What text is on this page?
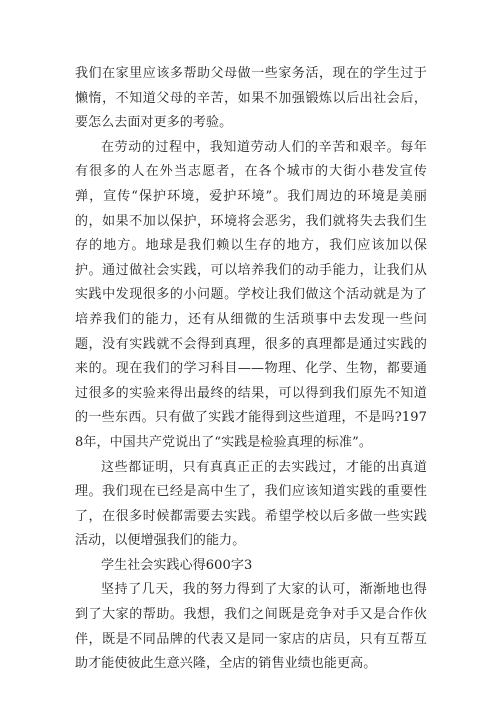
我们在家里应该多帮助父母做一些家务活，现在的学生过于懒惰，不知道父母的辛苦，如果不加强锻炼以后出社会后，要怎么去面对更多的考验。

在劳动的过程中，我知道劳动人们的辛苦和艰辛。每年有很多的人在外当志愿者，在各个城市的大街小巷发宣传弹，宣传“保护环境，爱护环境”。我们周边的环境是美丽的，如果不加以保护，环境将会恶劣，我们就将失去我们生存的地方。地球是我们赖以生存的地方，我们应该加以保护。通过做社会实践，可以培养我们的动手能力，让我们从实践中发现很多的小问题。学校让我们做这个活动就是为了培养我们的能力，还有从细微的生活琐事中去发现一些问题，没有实践就不会得到真理，很多的真理都是通过实践的来的。现在我们的学习科目——物理、化学、生物，都要通过很多的实验来得出最终的结果，可以得到我们原先不知道的一些东西。只有做了实践才能得到这些道理，不是吗?1978年，中国共产党说出了“实践是检验真理的标准”。

这些都证明，只有真真正正的去实践过，才能的出真道理。我们现在已经是高中生了，我们应该知道实践的重要性了，在很多时候都需要去实践。希望学校以后多做一些实践活动，以便增强我们的能力。

学生社会实践心得600字3

坚持了几天，我的努力得到了大家的认可，渐渐地也得到了大家的帮助。我想，我们之间既是竞争对手又是合作伙伴，既是不同品牌的代表又是同一家店的店员，只有互帮互助才能使彼此生意兴隆，全店的销售业绩也能更高。
